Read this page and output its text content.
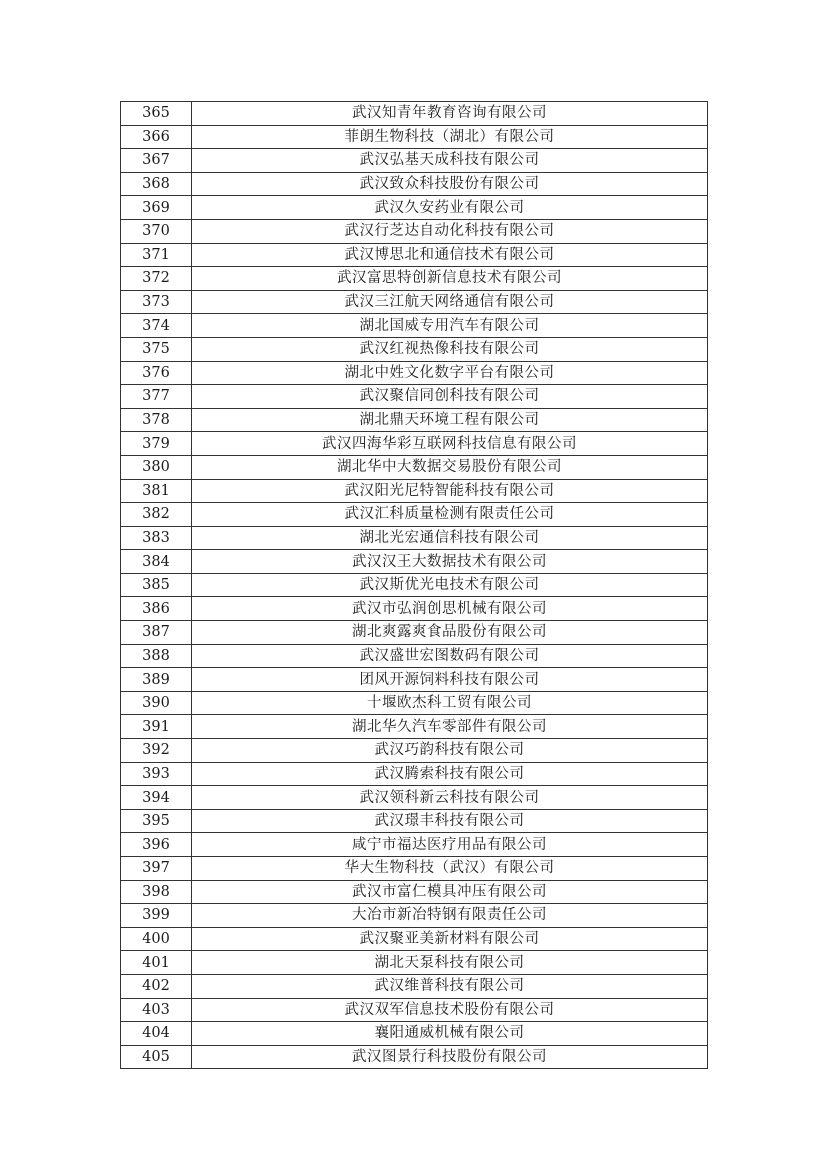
365	武汉知青年教育咨询有限公司
366	菲朗生物科技（湖北）有限公司
367	武汉弘基天成科技有限公司
368	武汉致众科技股份有限公司
369	武汉久安药业有限公司
370	武汉行芝达自动化科技有限公司
371	武汉博思北和通信技术有限公司
372	武汉富思特创新信息技术有限公司
373	武汉三江航天网络通信有限公司
374	湖北国威专用汽车有限公司
375	武汉红视热像科技有限公司
376	湖北中姓文化数字平台有限公司
377	武汉聚信同创科技有限公司
378	湖北鼎天环境工程有限公司
379	武汉四海华彩互联网科技信息有限公司
380	湖北华中大数据交易股份有限公司
381	武汉阳光尼特智能科技有限公司
382	武汉汇科质量检测有限责任公司
383	湖北光宏通信科技有限公司
384	武汉汉王大数据技术有限公司
385	武汉斯优光电技术有限公司
386	武汉市弘润创思机械有限公司
387	湖北爽露爽食品股份有限公司
388	武汉盛世宏图数码有限公司
389	团风开源饲料科技有限公司
390	十堰欧杰科工贸有限公司
391	湖北华久汽车零部件有限公司
392	武汉巧韵科技有限公司
393	武汉腾索科技有限公司
394	武汉领科新云科技有限公司
395	武汉璟丰科技有限公司
396	咸宁市福达医疗用品有限公司
397	华大生物科技（武汉）有限公司
398	武汉市富仁模具冲压有限公司
399	大冶市新冶特钢有限责任公司
400	武汉聚亚美新材料有限公司
401	湖北天泵科技有限公司
402	武汉维普科技有限公司
403	武汉双军信息技术股份有限公司
404	襄阳通威机械有限公司
405	武汉图景行科技股份有限公司
